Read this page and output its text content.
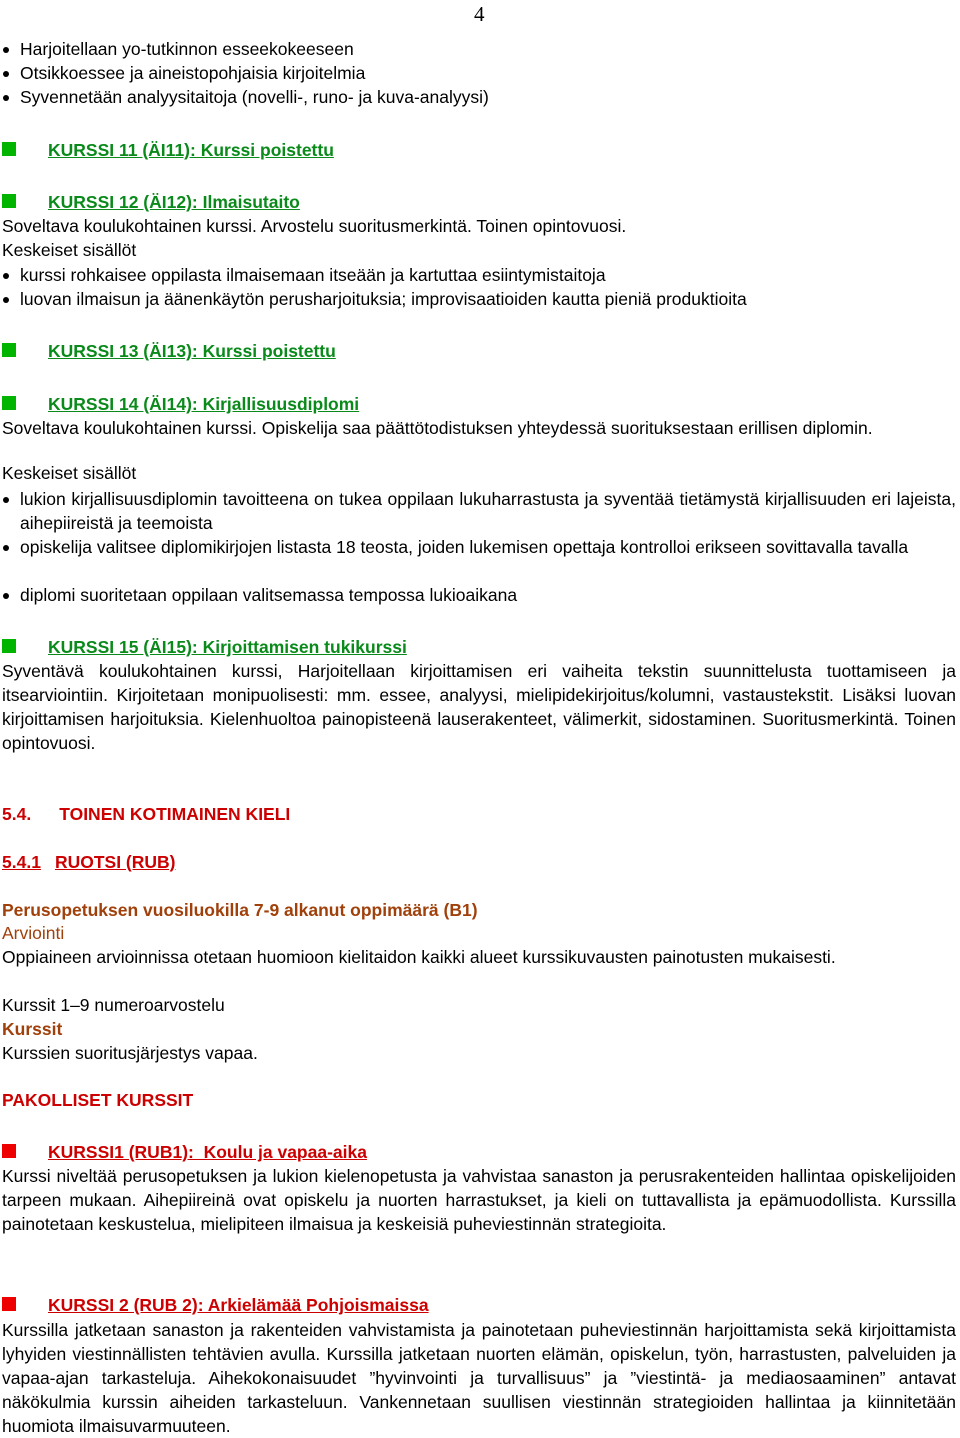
4
Harjoitellaan yo-tutkinnon esseekokeeseen
Otsikkoessee ja aineistopohjaisia kirjoitelmia
Syvennetään analyysitaitoja (novelli-, runo- ja kuva-analyysi)
KURSSI 11 (ÄI11): Kurssi poistettu
KURSSI 12 (ÄI12): Ilmaisutaito
Soveltava koulukohtainen kurssi. Arvostelu suoritusmerkintä. Toinen opintovuosi.
Keskeiset sisällöt
kurssi rohkaisee oppilasta ilmaisemaan itseään ja kartuttaa esiintymistaitoja
luovan ilmaisun ja äänenkäytön perusharjoituksia; improvisaatioiden kautta pieniä produktioita
KURSSI 13 (ÄI13): Kurssi poistettu
KURSSI 14 (ÄI14): Kirjallisuusdiplomi
Soveltava koulukohtainen kurssi. Opiskelija saa päättötodistuksen yhteydessä suorituksestaan erillisen diplomin.
Keskeiset sisällöt
lukion kirjallisuusdiplomin tavoitteena on tukea oppilaan lukuharrastusta ja syventää tietämystä kirjallisuuden eri lajeista, aihepiireistä ja teemoista
opiskelija valitsee diplomikirjojen listasta 18 teosta, joiden lukemisen opettaja kontrolloi erikseen sovittavalla tavalla
diplomi suoritetaan oppilaan valitsemassa tempossa lukioaikana
KURSSI 15 (ÄI15): Kirjoittamisen tukikurssi
Syventävä koulukohtainen kurssi, Harjoitellaan kirjoittamisen eri vaiheita tekstin suunnittelusta tuottamiseen ja itsearviointiin. Kirjoitetaan monipuolisesti: mm. essee, analyysi, mielipidekirjoitus/kolumni, vastaustekstit. Lisäksi luovan kirjoittamisen harjoituksia. Kielenhuoltoa painopisteenä lauserakenteet, välimerkit, sidostaminen. Suoritusmerkintä. Toinen opintovuosi.
5.4. TOINEN KOTIMAINEN KIELI
5.4.1 RUOTSI (RUB)
Perusopetuksen vuosiluokilla 7-9 alkanut oppimäärä (B1)
Arviointi
Oppiaineen arvioinnissa otetaan huomioon kielitaidon kaikki alueet kurssikuvausten painotusten mukaisesti.
Kurssit 1–9 numeroarvostelu
Kurssit
Kurssien suoritusjärjestys vapaa.
PAKOLLISET KURSSIT
KURSSI1 (RUB1):  Koulu ja vapaa-aika
Kurssi niveltää perusopetuksen ja lukion kielenopetusta ja vahvistaa sanaston ja perusrakenteiden hallintaa opiskelijoiden tarpeen mukaan. Aihepiireinä ovat opiskelu ja nuorten harrastukset, ja kieli on tuttavallista ja epämuodollista. Kurssilla painotetaan keskustelua, mielipiteen ilmaisua ja keskeisiä puheviestinnän strategioita.
KURSSI 2 (RUB 2): Arkielämää Pohjoismaissa
Kurssilla jatketaan sanaston ja rakenteiden vahvistamista ja painotetaan puheviestinnän harjoittamista sekä kirjoittamista lyhyiden viestinnällisten tehtävien avulla. Kurssilla jatketaan nuorten elämän, opiskelun, työn, harrastusten, palveluiden ja vapaa-ajan tarkasteluja. Aihekokonaisuudet ”hyvinvointi ja turvallisuus” ja ”viestintä- ja mediaosaaminen” antavat näkökulmia kurssin aiheiden tarkasteluun. Vankennetaan suullisen viestinnän strategioiden hallintaa ja kiinnitetään huomiota ilmaisuvarmuuteen.
